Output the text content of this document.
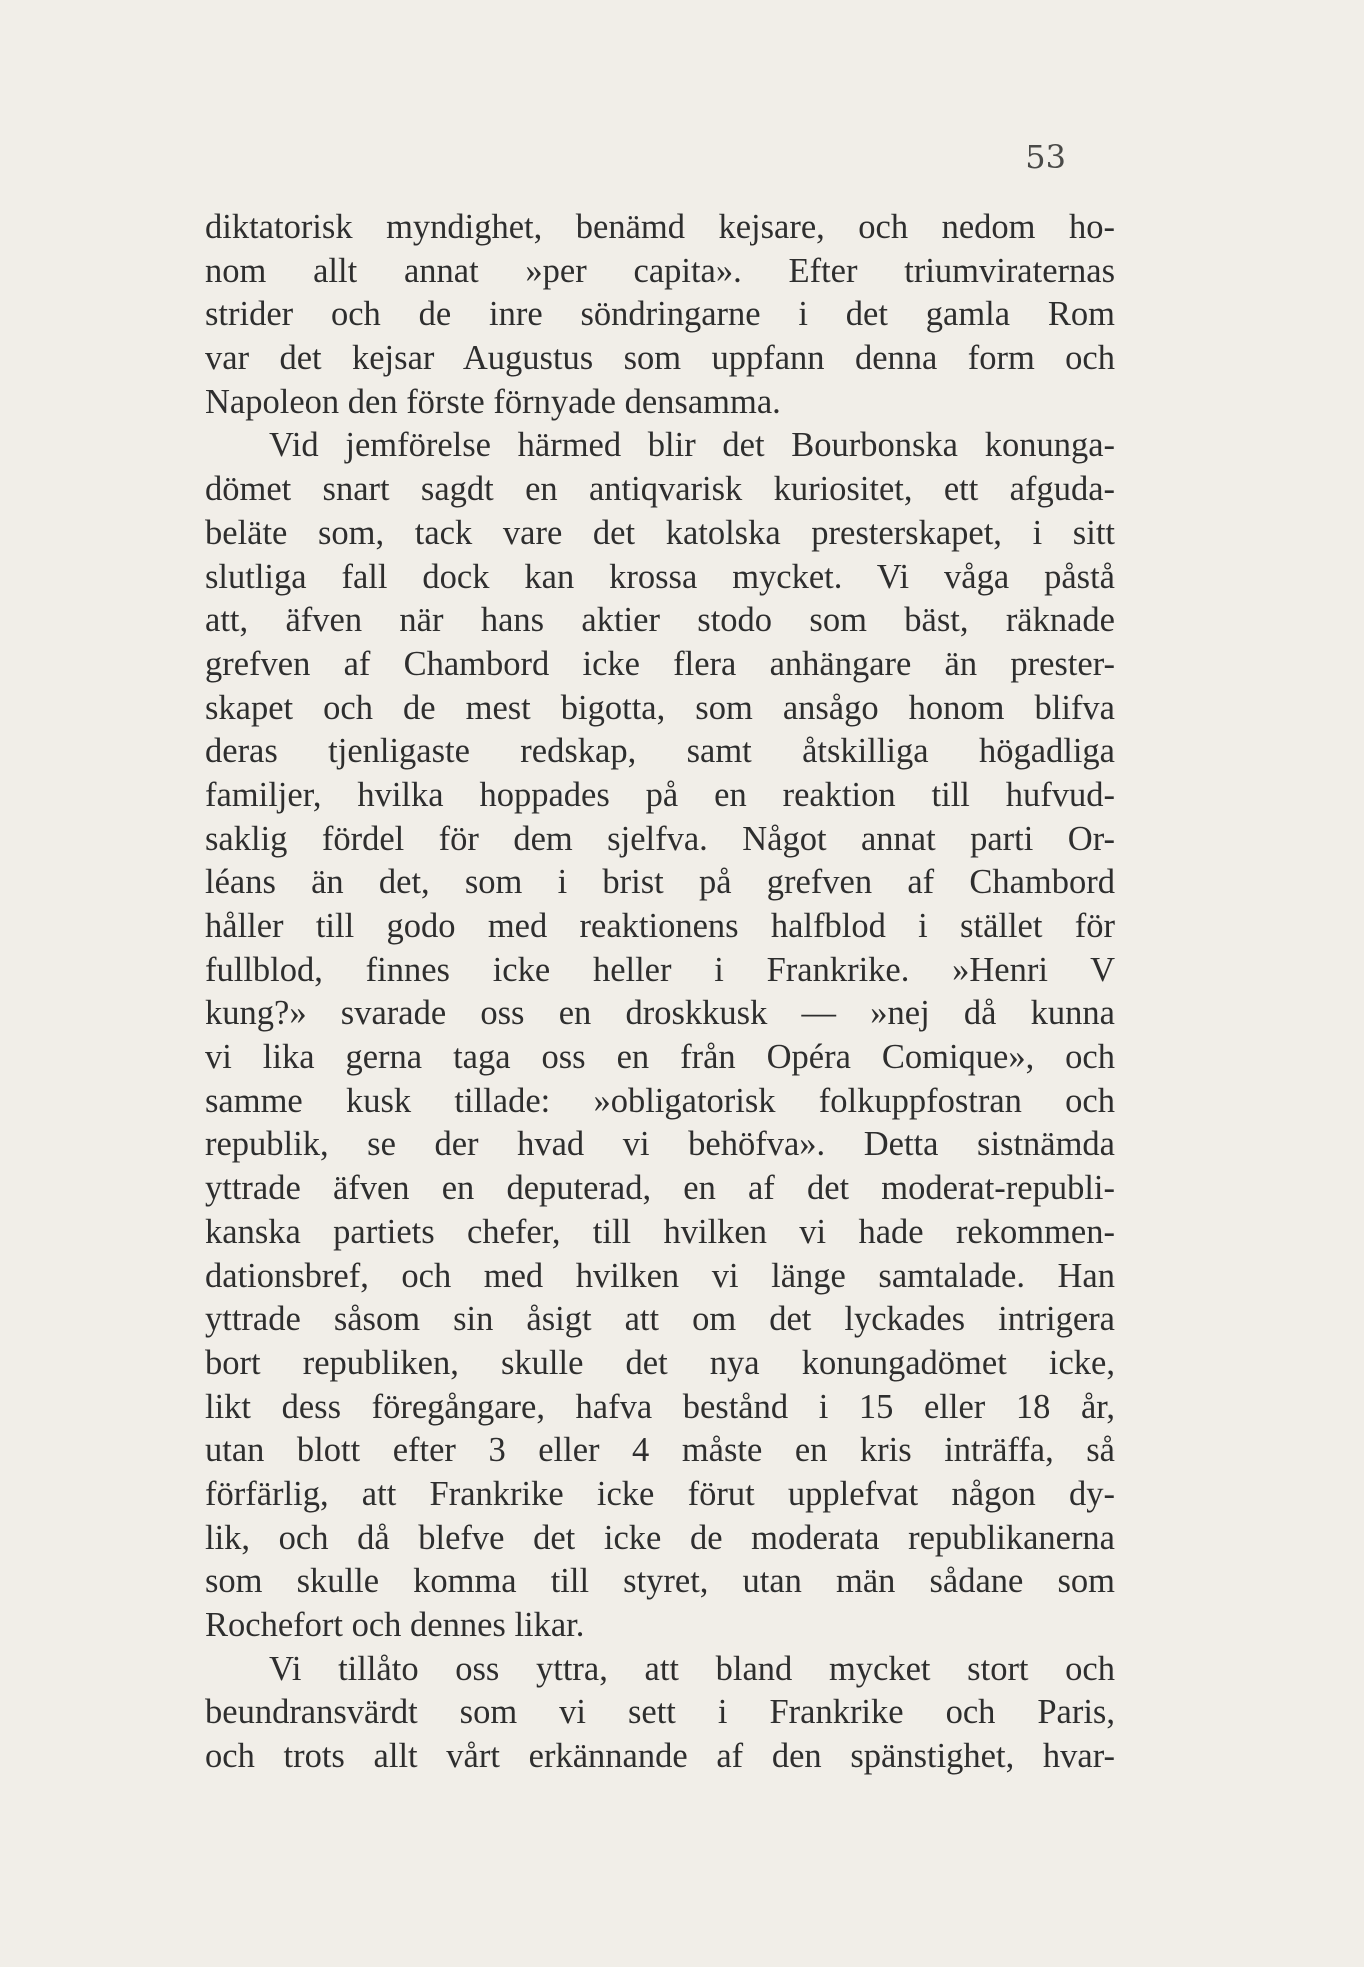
53
diktatorisk myndighet, benämd kejsare, och nedom ho-
nom allt annat »per capita». Efter triumviraternas
strider och de inre söndringarne i det gamla Rom
var det kejsar Augustus som uppfann denna form och
Napoleon den förste förnyade densamma.
Vid jemförelse härmed blir det Bourbonska konunga-
dömet snart sagdt en antiqvarisk kuriositet, ett afguda-
beläte som, tack vare det katolska presterskapet, i sitt
slutliga fall dock kan krossa mycket. Vi våga påstå
att, äfven när hans aktier stodo som bäst, räknade
grefven af Chambord icke flera anhängare än prester-
skapet och de mest bigotta, som ansågo honom blifva
deras tjenligaste redskap, samt åtskilliga högadliga
familjer, hvilka hoppades på en reaktion till hufvud-
saklig fördel för dem sjelfva. Något annat parti Or-
léans än det, som i brist på grefven af Chambord
håller till godo med reaktionens halfblod i stället för
fullblod, finnes icke heller i Frankrike. »Henri V
kung?» svarade oss en droskkusk — »nej då kunna
vi lika gerna taga oss en från Opéra Comique», och
samme kusk tillade: »obligatorisk folkuppfostran och
republik, se der hvad vi behöfva». Detta sistnämda
yttrade äfven en deputerad, en af det moderat-republi-
kanska partiets chefer, till hvilken vi hade rekommen-
dationsbref, och med hvilken vi länge samtalade. Han
yttrade såsom sin åsigt att om det lyckades intrigera
bort republiken, skulle det nya konungadömet icke,
likt dess föregångare, hafva bestånd i 15 eller 18 år,
utan blott efter 3 eller 4 måste en kris inträffa, så
förfärlig, att Frankrike icke förut upplefvat någon dy-
lik, och då blefve det icke de moderata republikanerna
som skulle komma till styret, utan män sådane som
Rochefort och dennes likar.
Vi tillåto oss yttra, att bland mycket stort och
beundransvärdt som vi sett i Frankrike och Paris,
och trots allt vårt erkännande af den spänstighet, hvar-
